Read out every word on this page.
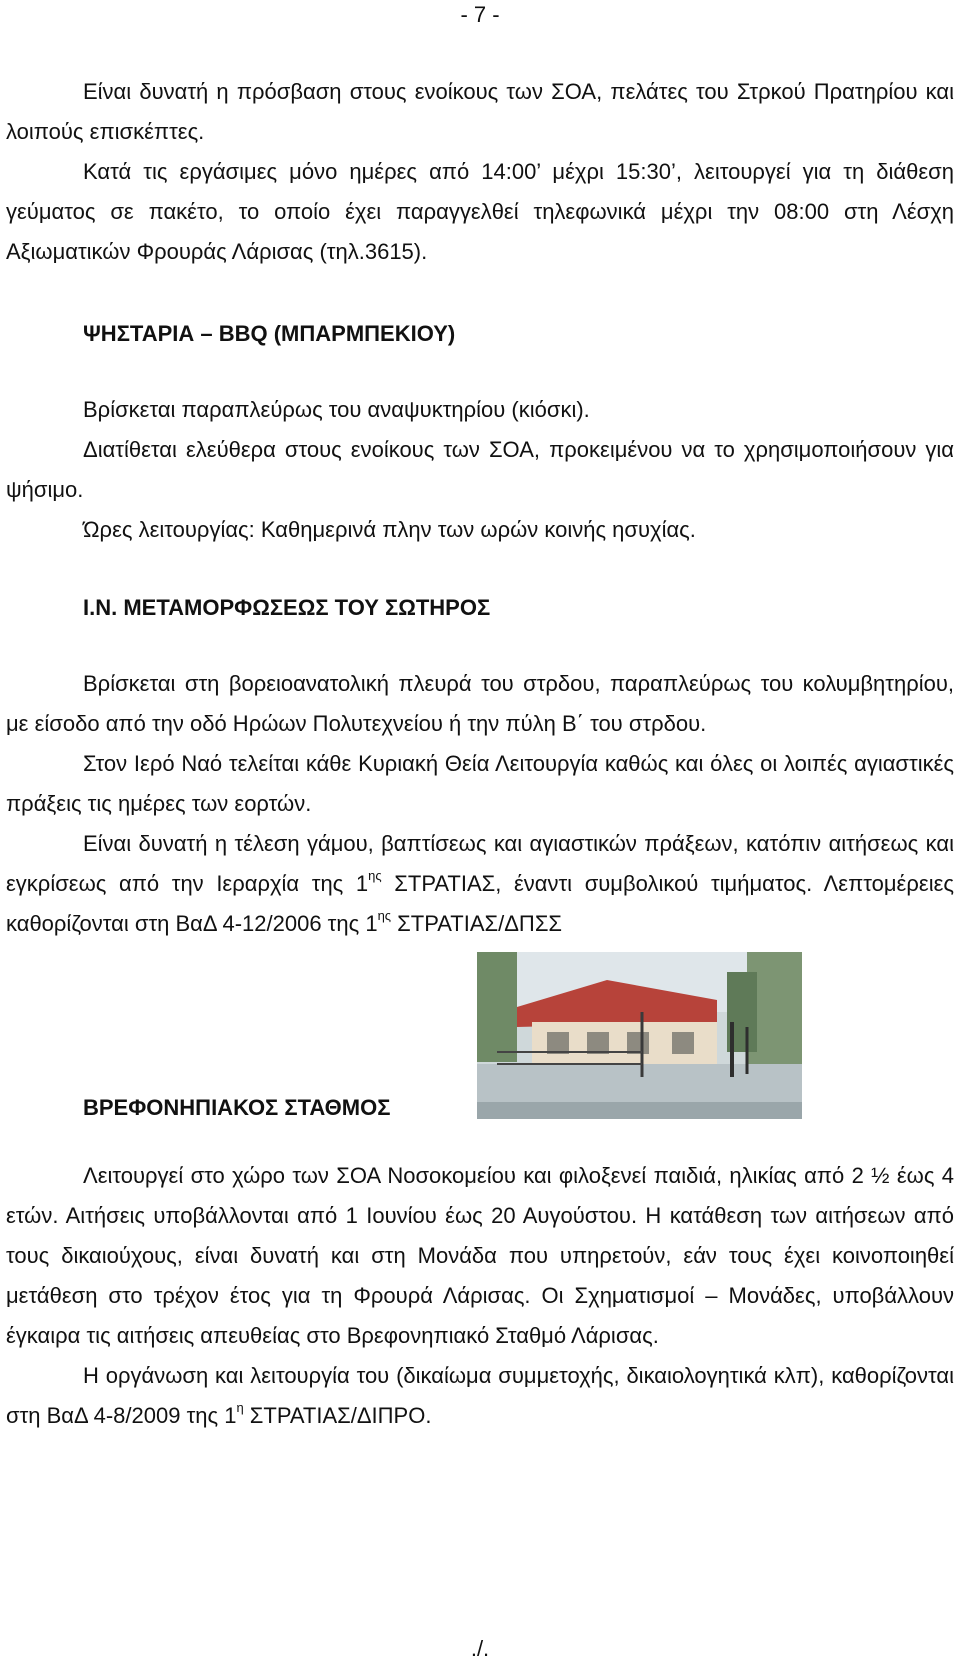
- 7 -

Είναι δυνατή η πρόσβαση στους ενοίκους των ΣΟΑ, πελάτες του Στρκού Πρατηρίου και λοιπούς επισκέπτες.

Κατά τις εργάσιμες μόνο ημέρες από 14:00’ μέχρι 15:30’, λειτουργεί για τη διάθεση γεύματος σε πακέτο, το οποίο έχει παραγγελθεί τηλεφωνικά μέχρι την 08:00 στη Λέσχη Αξιωματικών Φρουράς Λάρισας (τηλ.3615).

ΨΗΣΤΑΡΙΑ – BBQ (ΜΠΑΡΜΠΕΚΙΟΥ)

Βρίσκεται παραπλεύρως του αναψυκτηρίου (κιόσκι).

Διατίθεται ελεύθερα στους ενοίκους των ΣΟΑ, προκειμένου να το χρησιμοποιήσουν για ψήσιμο.

Ώρες λειτουργίας: Καθημερινά πλην των ωρών κοινής ησυχίας.

Ι.Ν. ΜΕΤΑΜΟΡΦΩΣΕΩΣ ΤΟΥ ΣΩΤΗΡΟΣ

Βρίσκεται στη βορειοανατολική πλευρά του στρδου, παραπλεύρως του κολυμβητηρίου, με είσοδο από την οδό Ηρώων Πολυτεχνείου ή την πύλη Β΄ του στρδου.

Στον Ιερό Ναό τελείται κάθε Κυριακή Θεία Λειτουργία καθώς και όλες οι λοιπές αγιαστικές πράξεις τις ημέρες των εορτών.

Είναι δυνατή η τέλεση γάμου, βαπτίσεως και αγιαστικών πράξεων, κατόπιν αιτήσεως και εγκρίσεως από την Ιεραρχία της $1^{\eta\varsigma}$ ΣΤΡΑΤΙΑΣ, έναντι συμβολικού τιμήματος. Λεπτομέρειες καθορίζονται στη ΒαΔ 4-12/2006 της $1^{\eta\varsigma}$ ΣΤΡΑΤΙΑΣ/ΔΠΣΣ

ΒΡΕΦΟΝΗΠΙΑΚΟΣ ΣΤΑΘΜΟΣ

Λειτουργεί στο χώρο των ΣΟΑ Νοσοκομείου και φιλοξενεί παιδιά, ηλικίας από 2 ½ έως 4 ετών. Αιτήσεις υποβάλλονται από 1 Ιουνίου έως 20 Αυγούστου. Η κατάθεση των αιτήσεων από τους δικαιούχους, είναι δυνατή και στη Μονάδα που υπηρετούν, εάν τους έχει κοινοποιηθεί μετάθεση στο τρέχον έτος για τη Φρουρά Λάρισας. Οι Σχηματισμοί – Μονάδες, υποβάλλουν έγκαιρα τις αιτήσεις απευθείας στο Βρεφονηπιακό Σταθμό Λάρισας.

Η οργάνωση και λειτουργία του (δικαίωμα συμμετοχής, δικαιολογητικά κλπ), καθορίζονται στη ΒαΔ 4-8/2009 της $1^\eta$ ΣΤΡΑΤΙΑΣ/ΔΙΠΡΟ.

./.
